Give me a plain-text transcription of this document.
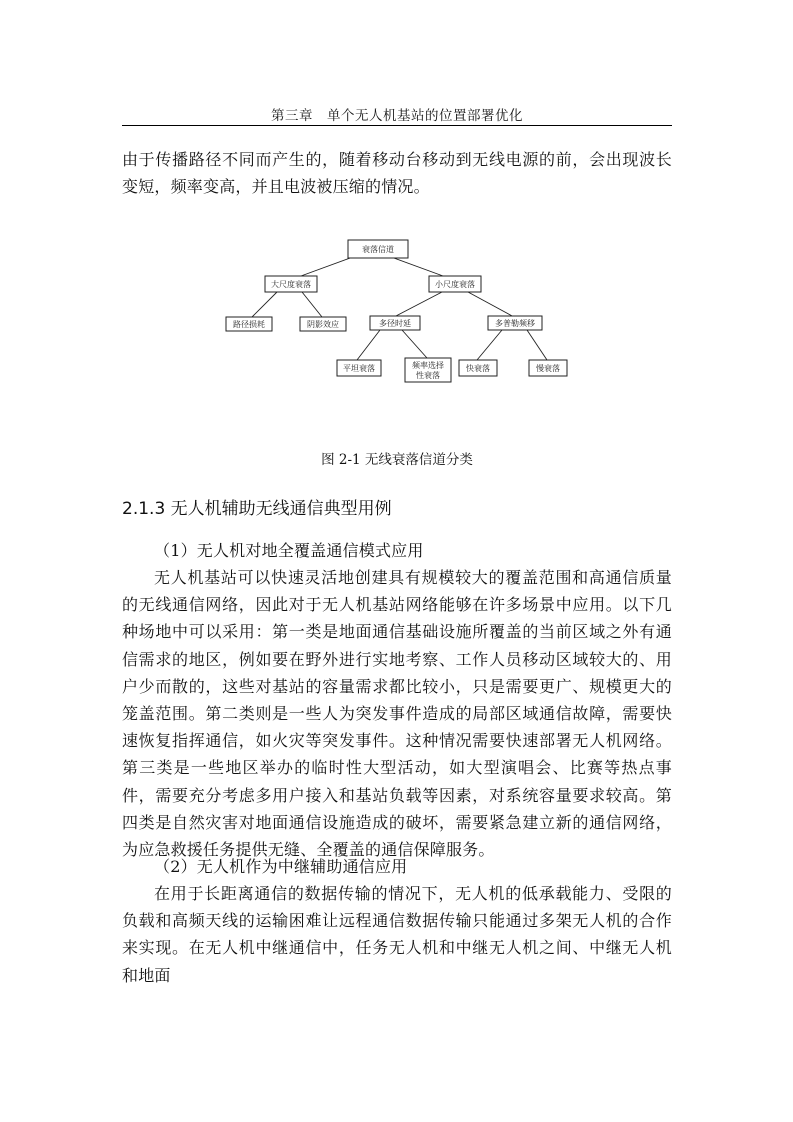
第三章　单个无人机基站的位置部署优化
由于传播路径不同而产生的，随着移动台移动到无线电源的前，会出现波长变短，频率变高，并且电波被压缩的情况。
衰落信道
大尺度衰落	小尺度衰落
路径损耗	阴影效应	多径时延	多普勒频移
平坦衰落	频率选择
性衰落
快衰落	慢衰落
图 2-1 无线衰落信道分类
2.1.3 无人机辅助无线通信典型用例
（1）无人机对地全覆盖通信模式应用
无人机基站可以快速灵活地创建具有规模较大的覆盖范围和高通信质量的无线通信网络，因此对于无人机基站网络能够在许多场景中应用。以下几种场地中可以采用：第一类是地面通信基础设施所覆盖的当前区域之外有通信需求的地区，例如要在野外进行实地考察、工作人员移动区域较大的、用户少而散的，这些对基站的容量需求都比较小，只是需要更广、规模更大的笼盖范围。第二类则是一些人为突发事件造成的局部区域通信故障，需要快速恢复指挥通信，如火灾等突发事件。这种情况需要快速部署无人机网络。第三类是一些地区举办的临时性大型活动，如大型演唱会、比赛等热点事件，需要充分考虑多用户接入和基站负载等因素，对系统容量要求较高。第四类是自然灾害对地面通信设施造成的破坏，需要紧急建立新的通信网络，为应急救援任务提供无缝、全覆盖的通信保障服务。
（2）无人机作为中继辅助通信应用
在用于长距离通信的数据传输的情况下，无人机的低承载能力、受限的负载和高频天线的运输困难让远程通信数据传输只能通过多架无人机的合作来实现。在无人机中继通信中，任务无人机和中继无人机之间、中继无人机和地面
